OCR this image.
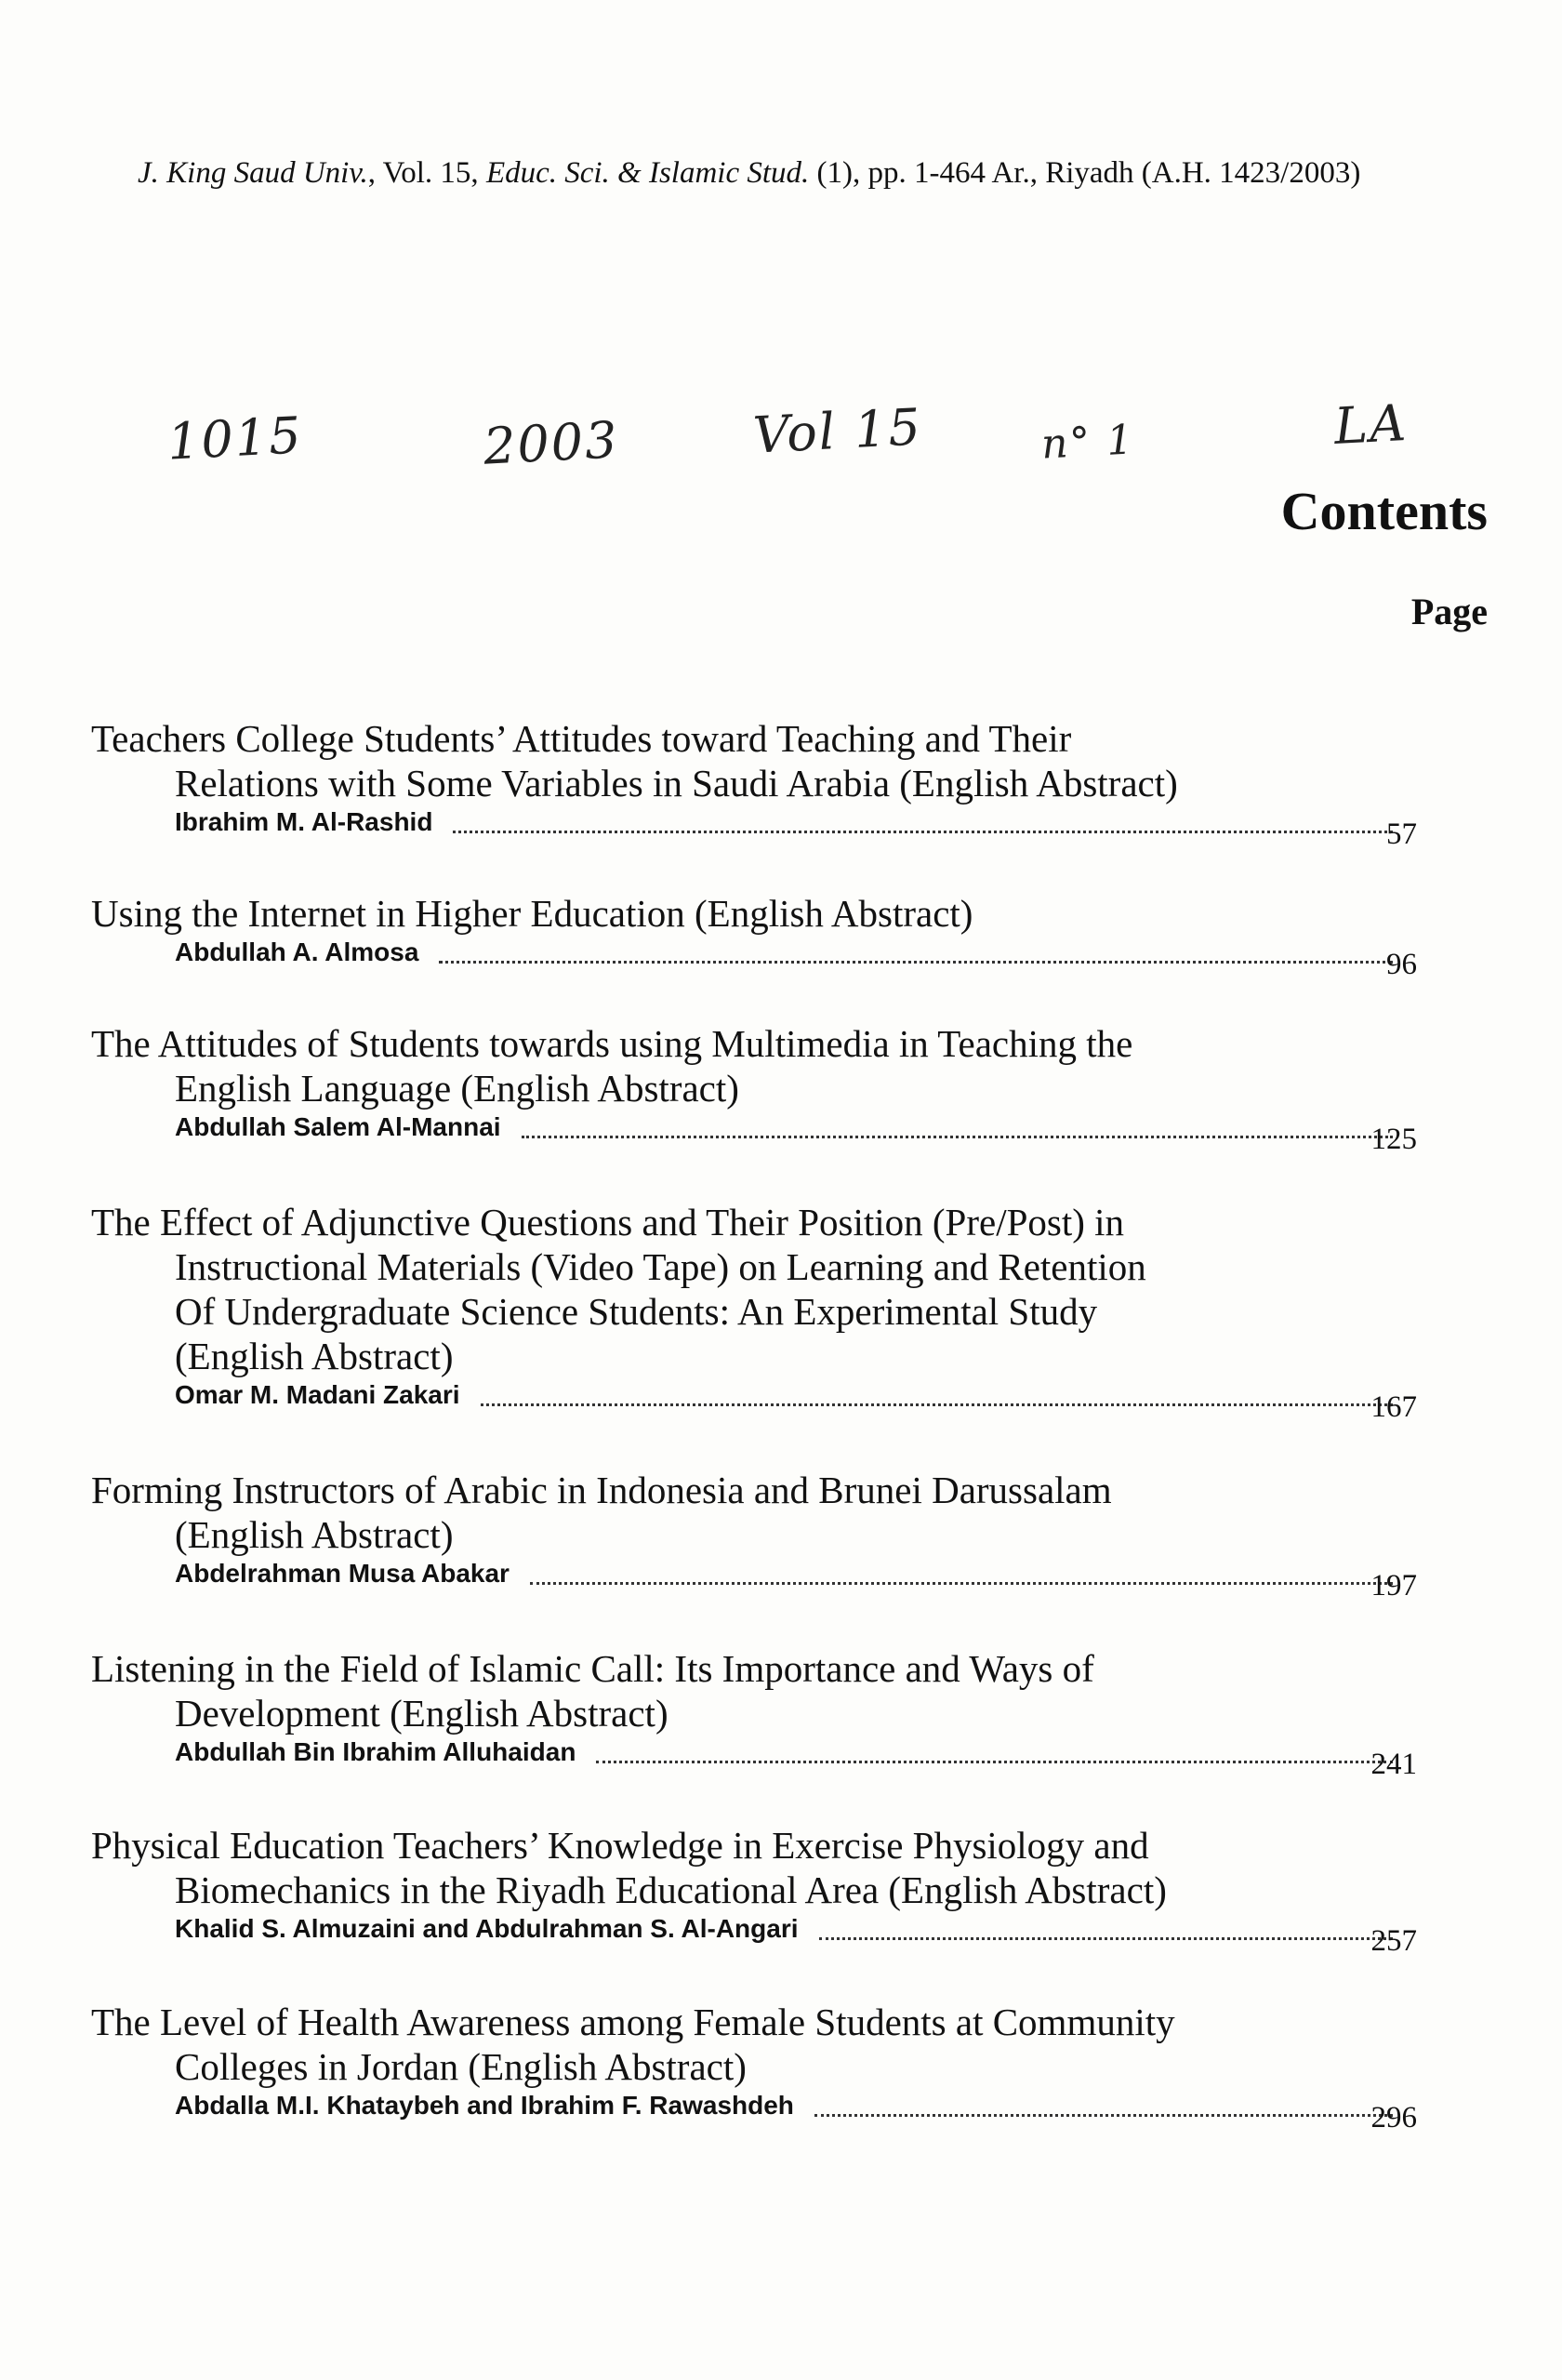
J. King Saud Univ., Vol. 15, Educ. Sci. & Islamic Stud. (1), pp. 1-464 Ar., Riyadh (A.H. 1423/2003)
1015	2003	Vol 15	n° 1	LA
Contents
Page
Teachers College Students’ Attitudes toward Teaching and Their
Relations with Some Variables in Saudi Arabia (English Abstract)
Ibrahim M. Al-Rashid	57
Using the Internet in Higher Education (English Abstract)
Abdullah A. Almosa	96
The Attitudes of Students towards using Multimedia in Teaching the
English Language (English Abstract)
Abdullah Salem Al-Mannai	125
The Effect of Adjunctive Questions and Their Position (Pre/Post) in
Instructional Materials (Video Tape) on Learning and Retention
Of Undergraduate Science Students: An Experimental Study
(English Abstract)
Omar M. Madani Zakari	167
Forming Instructors of Arabic in Indonesia and Brunei Darussalam
(English Abstract)
Abdelrahman Musa Abakar	197
Listening in the Field of Islamic Call: Its Importance and Ways of
Development (English Abstract)
Abdullah Bin Ibrahim Alluhaidan	241
Physical Education Teachers’ Knowledge in Exercise Physiology and
Biomechanics in the Riyadh Educational Area (English Abstract)
Khalid S. Almuzaini and Abdulrahman S. Al-Angari	257
The Level of Health Awareness among Female Students at Community
Colleges in Jordan (English Abstract)
Abdalla M.I. Khataybeh and Ibrahim F. Rawashdeh	296
